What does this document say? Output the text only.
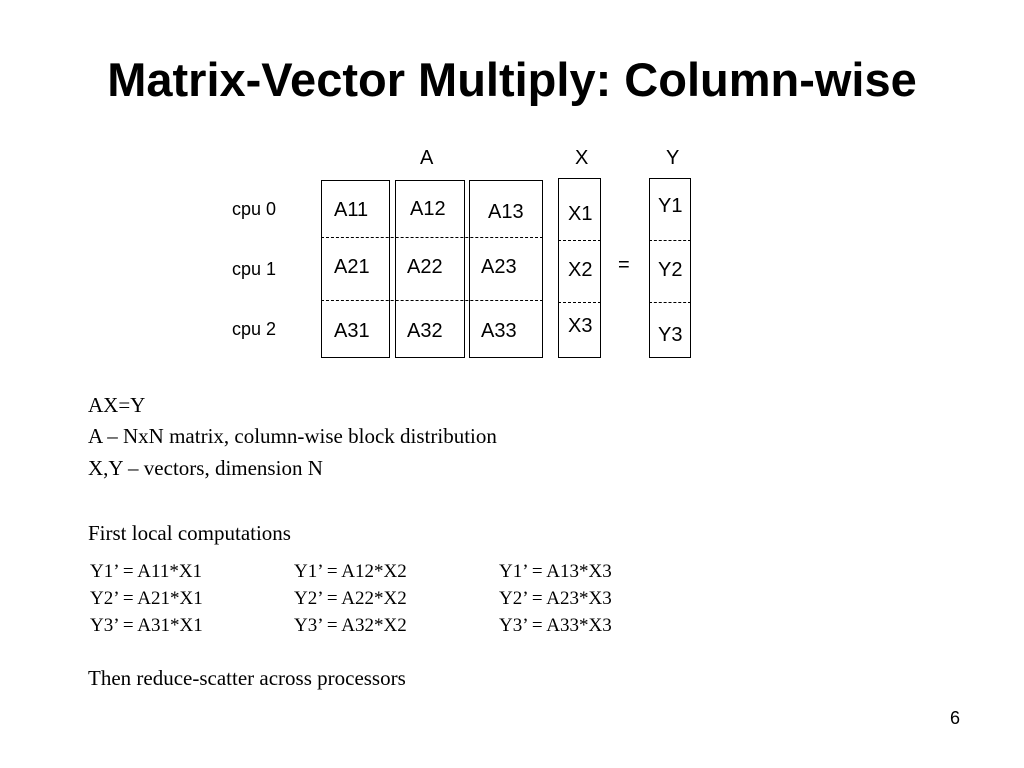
Matrix-Vector Multiply: Column-wise
A	X	Y
cpu 0
cpu 1
cpu 2
A11 A12 A13
A21 A22 A23
A31 A32 A33
X1
X2
X3
=
Y1
Y2
Y3
AX=Y
A – NxN matrix, column-wise block distribution
X,Y – vectors, dimension N
First local computations
Y1’ = A11*X1
Y2’ = A21*X1
Y3’ = A31*X1
Y1’ = A12*X2
Y2’ = A22*X2
Y3’ = A32*X2
Y1’ = A13*X3
Y2’ = A23*X3
Y3’ = A33*X3
Then reduce-scatter across processors
6
